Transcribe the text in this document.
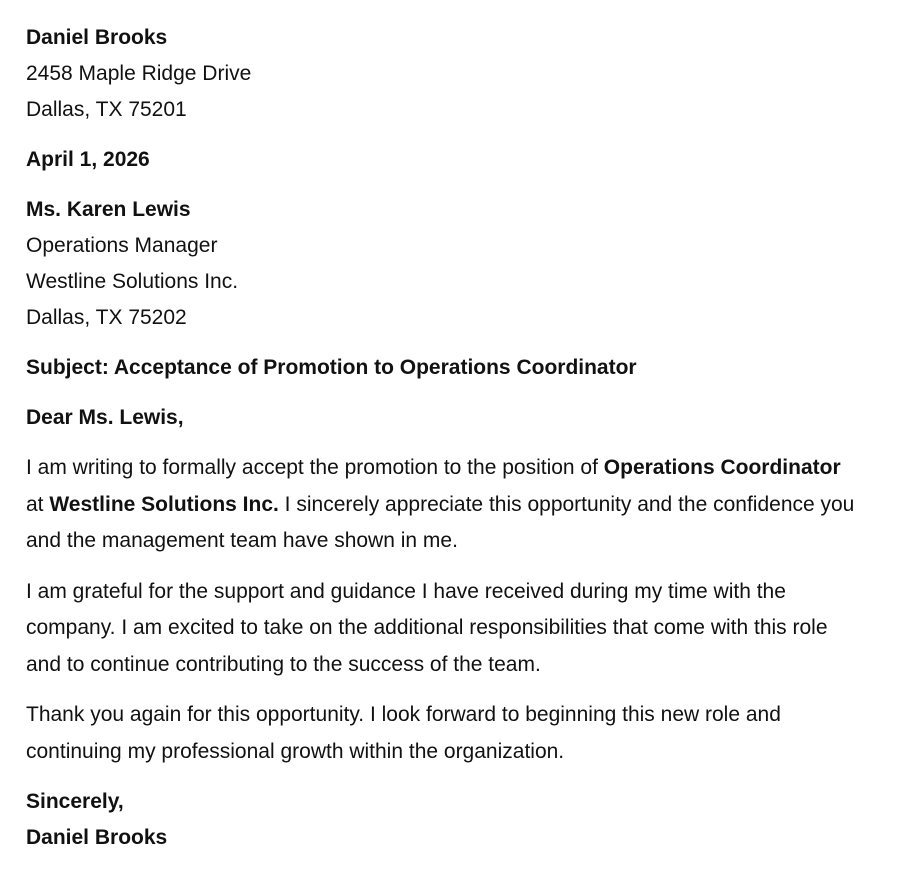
Daniel Brooks

2458 Maple Ridge Drive

Dallas, TX 75201

April 1, 2026

Ms. Karen Lewis

Operations Manager

Westline Solutions Inc.

Dallas, TX 75202

Subject: Acceptance of Promotion to Operations Coordinator

Dear Ms. Lewis,

I am writing to formally accept the promotion to the position of Operations Coordinator at Westline Solutions Inc. I sincerely appreciate this opportunity and the confidence you and the management team have shown in me.

I am grateful for the support and guidance I have received during my time with the company. I am excited to take on the additional responsibilities that come with this role and to continue contributing to the success of the team.

Thank you again for this opportunity. I look forward to beginning this new role and continuing my professional growth within the organization.

Sincerely,

Daniel Brooks
